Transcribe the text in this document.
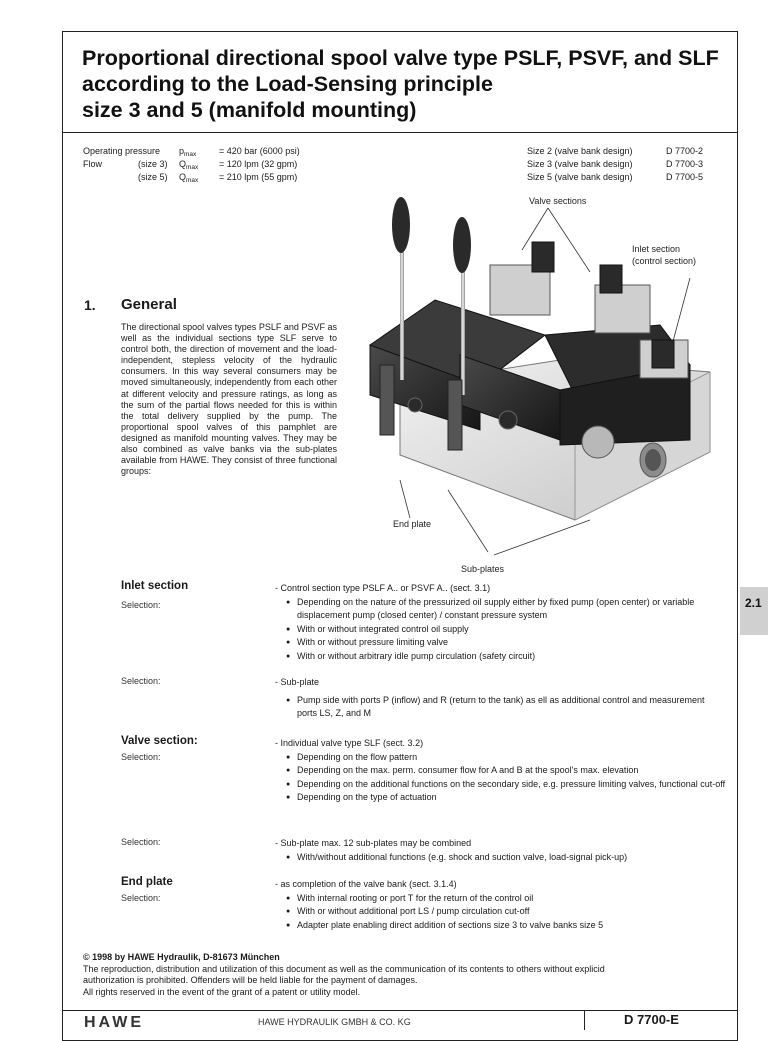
Proportional directional spool valve type PSLF, PSVF, and SLF
according to the Load-Sensing principle
size 3 and 5 (manifold mounting)
Operating pressure $p_{max}$	= 420 bar (6000 psi)
Flow	(size 3) $Q_{max} = 120$ lpm (32 gpm)
(size 5) $Q_{max} = 210$ lpm (55 gpm)
Size 2 (valve bank design)	D 7700-2
Size 3 (valve bank design)	D 7700-3
Size 5 (valve bank design)	D 7700-5
Valve sections
Inlet section
(control section)
End plate
Sub-plates
1. General
The directional spool valves types PSLF and PSVF as well as the individual sections type SLF serve to control both, the direction of movement and the load-independent, stepless velocity of the hydraulic consumers. In this way several consumers may be moved simultaneously, independently from each other at different velocity and pressure ratings, as long as the sum of the partial flows needed for this is within the total delivery supplied by the pump. The proportional spool valves of this pamphlet are designed as manifold mounting valves. They may be also combined as valve banks via the sub-plates available from HAWE. They consist of three functional groups:
Inlet section
Selection:
- Control section type PSLF A.. or PSVF A.. (sect. 3.1)
● Depending on the nature of the pressurized oil supply either by fixed pump (open center) or variable displacement pump (closed center) / constant pressure system
● With or without integrated control oil supply
● With or without pressure limiting valve
● With or without arbitrary idle pump circulation (safety circuit)
Selection:	- Sub-plate
● Pump side with ports P (inflow) and R (return to the tank) as ell as additional control and measurement ports LS, Z, and M
Valve section:
Selection:
- Individual valve type SLF (sect. 3.2)
● Depending on the flow pattern
● Depending on the max. perm. consumer flow for A and B at the spool's max. elevation
● Depending on the additional functions on the secondary side, e.g. pressure limiting valves, functional cut-off
● Depending on the type of actuation
Selection:	- Sub-plate max. 12 sub-plates may be combined
● With/without additional functions (e.g. shock and suction valve, load-signal pick-up)
End plate
Selection:
- as completion of the valve bank (sect. 3.1.4)
● With internal rooting or port T for the return of the control oil
● With or without additional port LS / pump circulation cut-off
● Adapter plate enabling direct addition of sections size 3 to valve banks size 5
© 1998 by HAWE Hydraulik, D-81673 München
The reproduction, distribution and utilization of this document as well as the communication of its contents to others without explicid
authorization is prohibited. Offenders will be held liable for the payment of damages.
All rights reserved in the event of the grant of a patent or utility model.
HAWE	HAWE HYDRAULIK GMBH & CO. KG	D 7700-E
2.1
